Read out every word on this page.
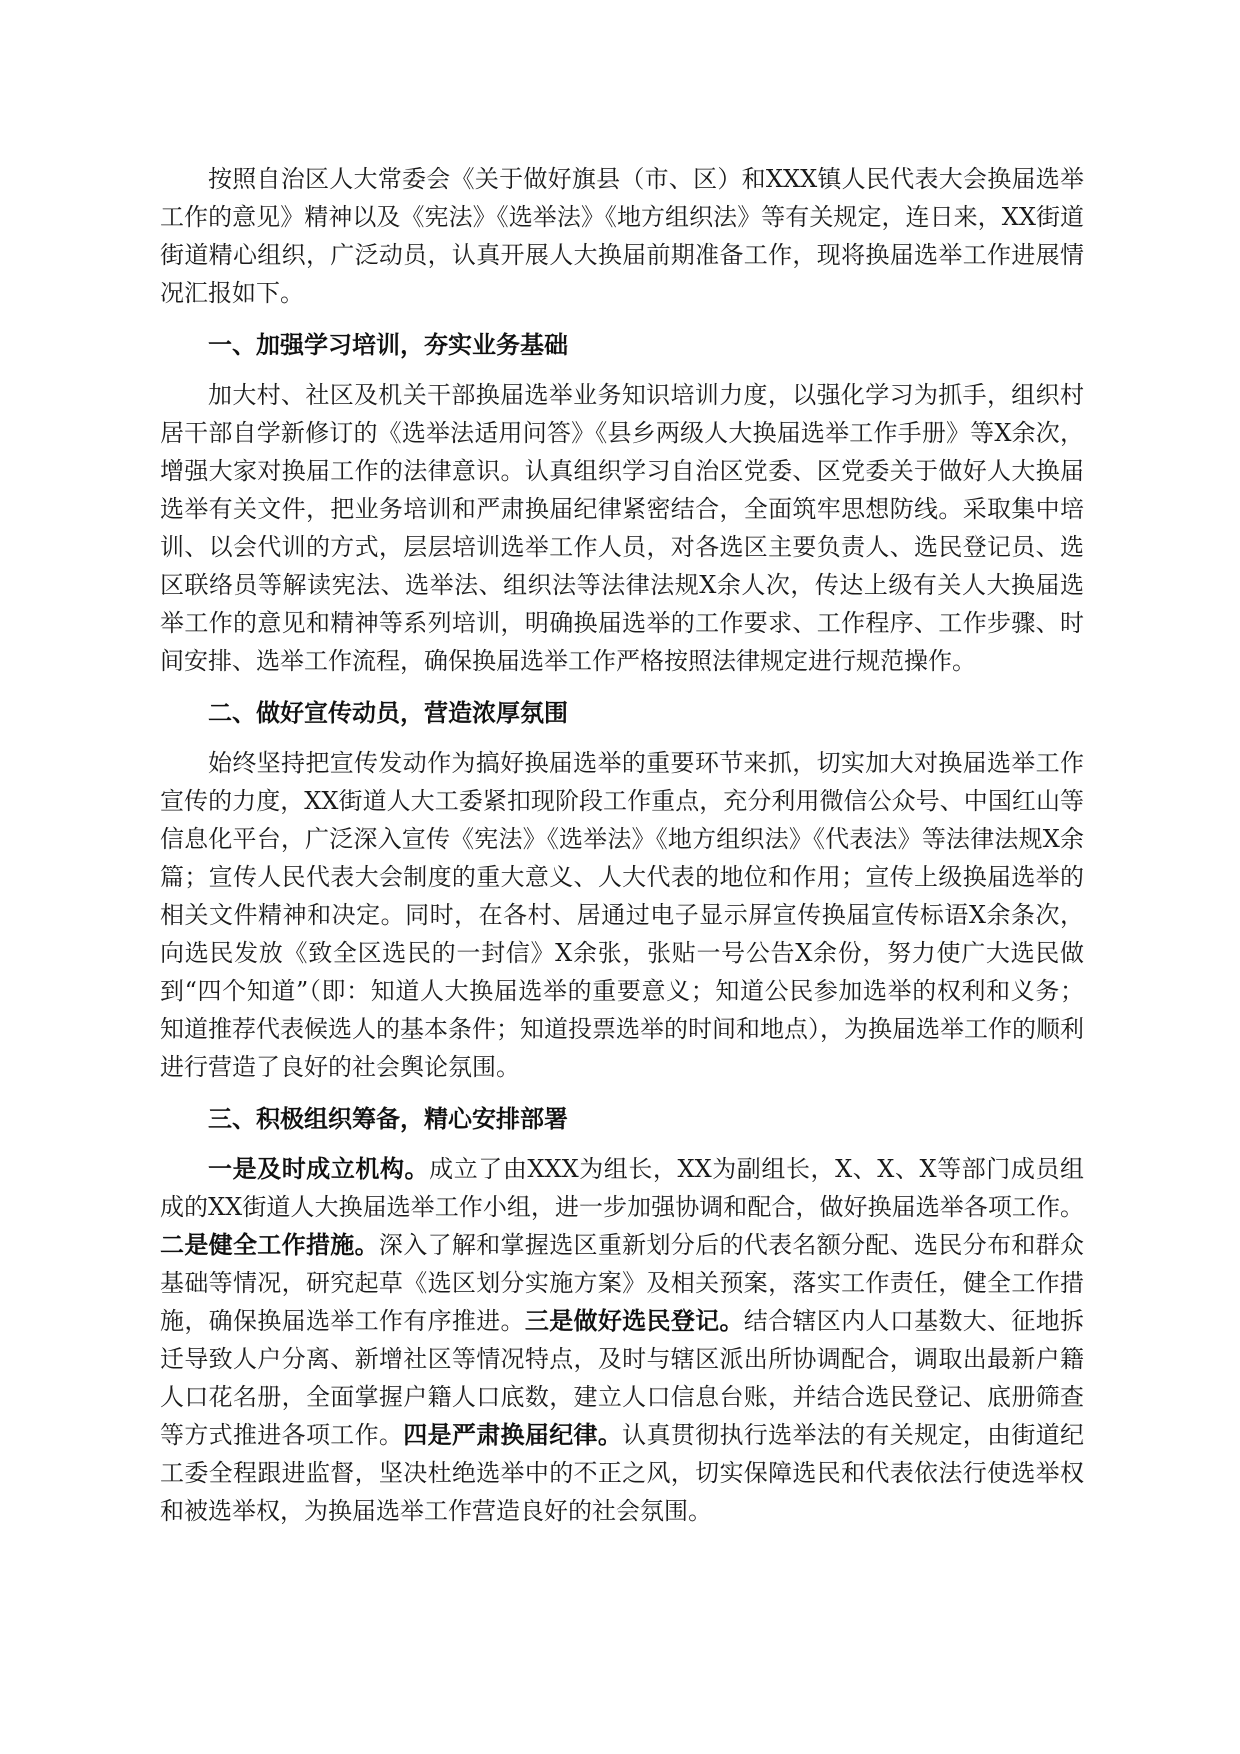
按照自治区人大常委会《关于做好旗县（市、区）和XXX镇人民代表大会换届选举工作的意见》精神以及《宪法》《选举法》《地方组织法》等有关规定，连日来，XX街道街道精心组织，广泛动员，认真开展人大换届前期准备工作，现将换届选举工作进展情况汇报如下。

一、加强学习培训，夯实业务基础

加大村、社区及机关干部换届选举业务知识培训力度，以强化学习为抓手，组织村居干部自学新修订的《选举法适用问答》《县乡两级人大换届选举工作手册》等X余次，增强大家对换届工作的法律意识。认真组织学习自治区党委、区党委关于做好人大换届选举有关文件，把业务培训和严肃换届纪律紧密结合，全面筑牢思想防线。采取集中培训、以会代训的方式，层层培训选举工作人员，对各选区主要负责人、选民登记员、选区联络员等解读宪法、选举法、组织法等法律法规X余人次，传达上级有关人大换届选举工作的意见和精神等系列培训，明确换届选举的工作要求、工作程序、工作步骤、时间安排、选举工作流程，确保换届选举工作严格按照法律规定进行规范操作。

二、做好宣传动员，营造浓厚氛围

始终坚持把宣传发动作为搞好换届选举的重要环节来抓，切实加大对换届选举工作宣传的力度，XX街道人大工委紧扣现阶段工作重点，充分利用微信公众号、中国红山等信息化平台，广泛深入宣传《宪法》《选举法》《地方组织法》《代表法》等法律法规X余篇；宣传人民代表大会制度的重大意义、人大代表的地位和作用；宣传上级换届选举的相关文件精神和决定。同时，在各村、居通过电子显示屏宣传换届宣传标语X余条次，向选民发放《致全区选民的一封信》X余张，张贴一号公告X余份，努力使广大选民做到“四个知道”（即：知道人大换届选举的重要意义；知道公民参加选举的权利和义务；知道推荐代表候选人的基本条件；知道投票选举的时间和地点），为换届选举工作的顺利进行营造了良好的社会舆论氛围。

三、积极组织筹备，精心安排部署

一是及时成立机构。成立了由XXX为组长，XX为副组长，X、X、X等部门成员组成的XX街道人大换届选举工作小组，进一步加强协调和配合，做好换届选举各项工作。二是健全工作措施。深入了解和掌握选区重新划分后的代表名额分配、选民分布和群众基础等情况，研究起草《选区划分实施方案》及相关预案，落实工作责任，健全工作措施，确保换届选举工作有序推进。三是做好选民登记。结合辖区内人口基数大、征地拆迁导致人户分离、新增社区等情况特点，及时与辖区派出所协调配合，调取出最新户籍人口花名册，全面掌握户籍人口底数，建立人口信息台账，并结合选民登记、底册筛查等方式推进各项工作。四是严肃换届纪律。认真贯彻执行选举法的有关规定，由街道纪工委全程跟进监督，坚决杜绝选举中的不正之风，切实保障选民和代表依法行使选举权和被选举权，为换届选举工作营造良好的社会氛围。
